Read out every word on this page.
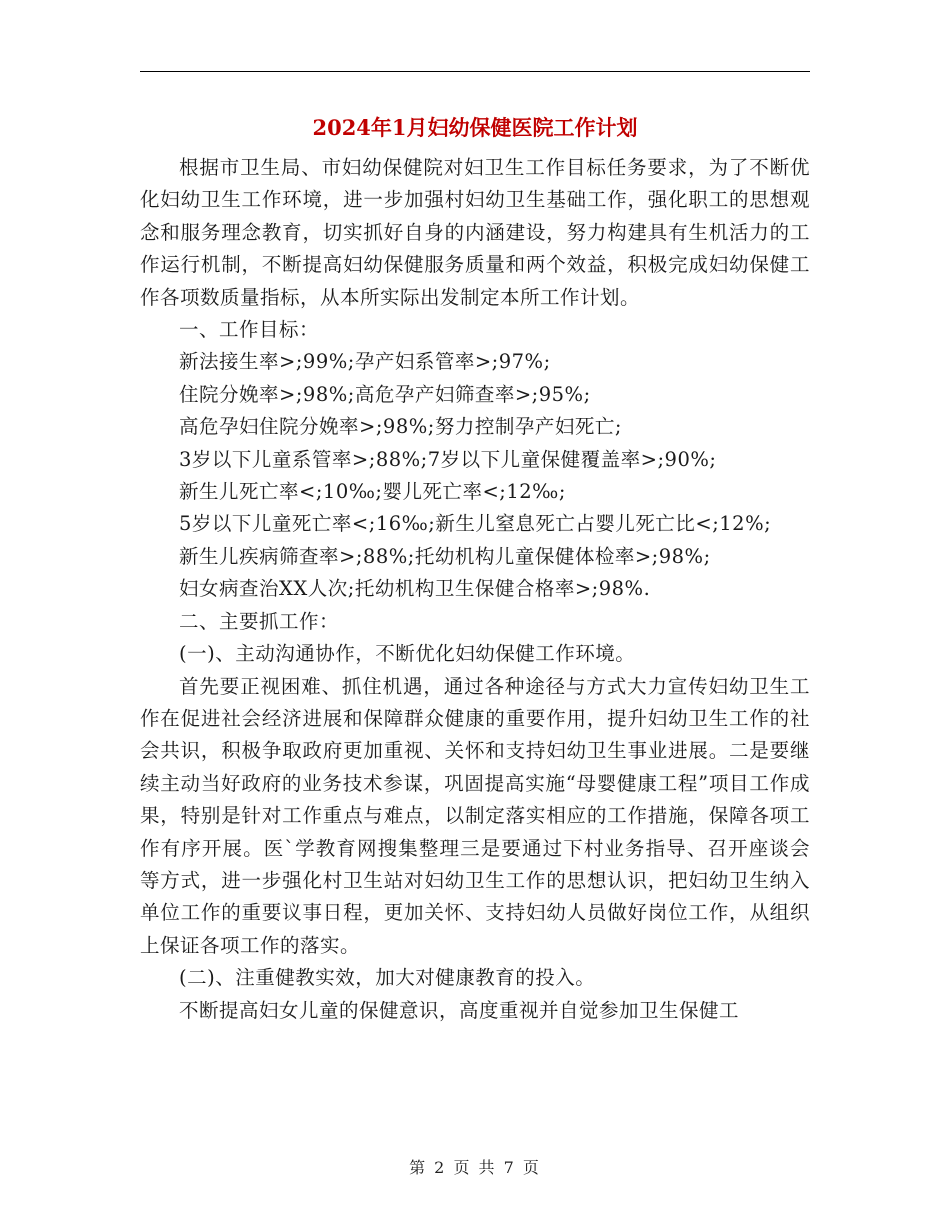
2024年1月妇幼保健医院工作计划

根据市卫生局、市妇幼保健院对妇卫生工作目标任务要求，为了不断优化妇幼卫生工作环境，进一步加强村妇幼卫生基础工作，强化职工的思想观念和服务理念教育，切实抓好自身的内涵建设，努力构建具有生机活力的工作运行机制，不断提高妇幼保健服务质量和两个效益，积极完成妇幼保健工作各项数质量指标，从本所实际出发制定本所工作计划。

一、工作目标：

新法接生率>;99%;孕产妇系管率>;97%;

住院分娩率>;98%;高危孕产妇筛查率>;95%;

高危孕妇住院分娩率>;98%;努力控制孕产妇死亡;

3岁以下儿童系管率>;88%;7岁以下儿童保健覆盖率>;90%;

新生儿死亡率<;10‰;婴儿死亡率<;12‰;

5岁以下儿童死亡率<;16‰;新生儿窒息死亡占婴儿死亡比<;12%;

新生儿疾病筛查率>;88%;托幼机构儿童保健体检率>;98%;

妇女病查治XX人次;托幼机构卫生保健合格率>;98%.

二、主要抓工作：

(一)、主动沟通协作，不断优化妇幼保健工作环境。

首先要正视困难、抓住机遇，通过各种途径与方式大力宣传妇幼卫生工作在促进社会经济进展和保障群众健康的重要作用，提升妇幼卫生工作的社会共识，积极争取政府更加重视、关怀和支持妇幼卫生事业进展。二是要继续主动当好政府的业务技术参谋，巩固提高实施“母婴健康工程”项目工作成果，特别是针对工作重点与难点，以制定落实相应的工作措施，保障各项工作有序开展。医`学教育网搜集整理三是要通过下村业务指导、召开座谈会等方式，进一步强化村卫生站对妇幼卫生工作的思想认识，把妇幼卫生纳入单位工作的重要议事日程，更加关怀、支持妇幼人员做好岗位工作，从组织上保证各项工作的落实。

(二)、注重健教实效，加大对健康教育的投入。

不断提高妇女儿童的保健意识，高度重视并自觉参加卫生保健工

第 2 页 共 7 页
